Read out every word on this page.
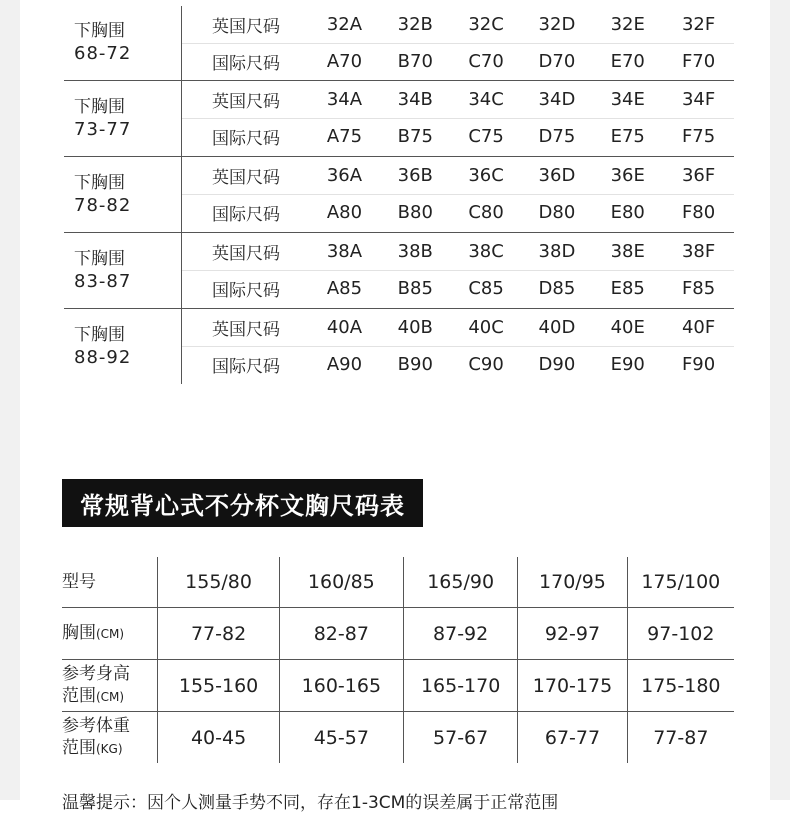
下胸围
68-72
英国尺码	32A	32B	32C	32D	32E	32F
国际尺码	A70	B70	C70	D70	E70	F70
下胸围
73-77
英国尺码	34A	34B	34C	34D	34E	34F
国际尺码	A75	B75	C75	D75	E75	F75
下胸围
78-82
英国尺码	36A	36B	36C	36D	36E	36F
国际尺码	A80	B80	C80	D80	E80	F80
下胸围
83-87
英国尺码	38A	38B	38C	38D	38E	38F
国际尺码	A85	B85	C85	D85	E85	F85
下胸围
88-92
英国尺码	40A	40B	40C	40D	40E	40F
国际尺码	A90	B90	C90	D90	E90	F90
常规背心式不分杯文胸尺码表
型号	155/80	160/85	165/90	170/95	175/100
胸围(CM)	77-82	82-87	87-92	92-97	97-102
参考身高
范围(CM)
155-160	160-165	165-170	170-175	175-180
参考体重
范围(KG)
40-45	45-57	57-67	67-77	77-87
温馨提示：因个人测量手势不同，存在1-3CM的误差属于正常范围
